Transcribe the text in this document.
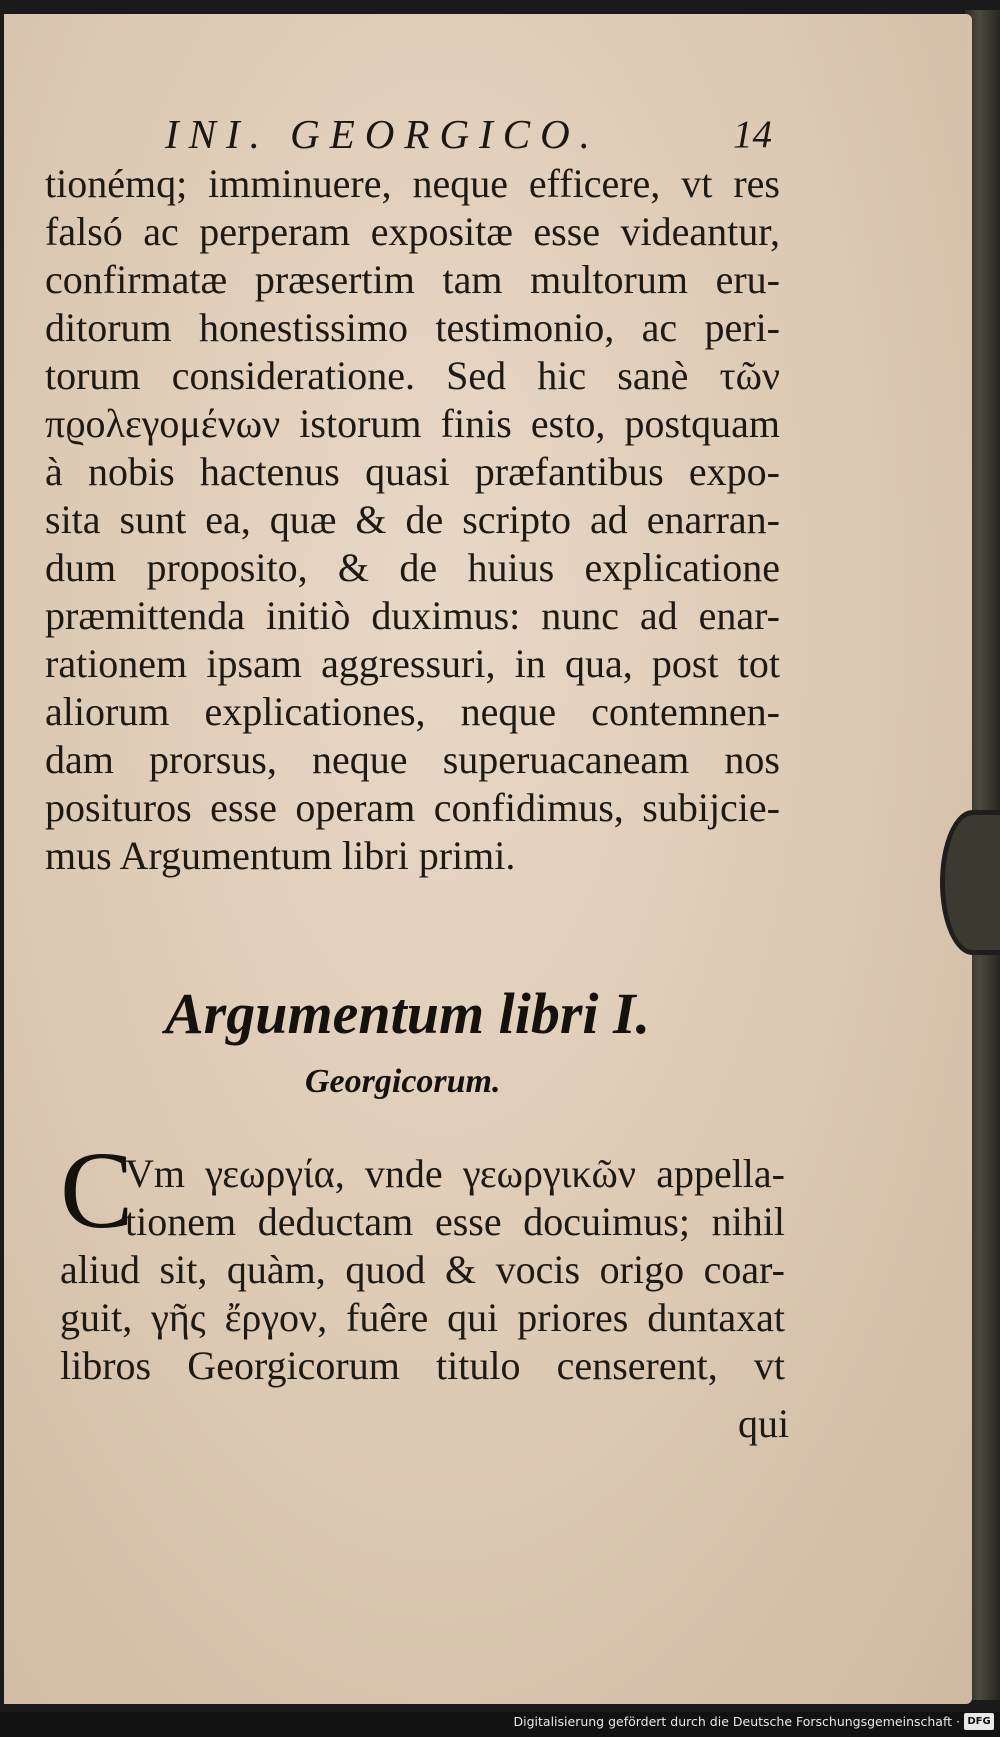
INI. GEORGICO.	14
tionémq; imminuere, neque efficere, vt res
falsó ac perperam expositæ esse videantur,
confirmatæ præsertim tam multorum eru-
ditorum honestissimo testimonio, ac peri-
torum consideratione. Sed hic sanè τῶν
πϱολεγομένων istorum finis esto, postquam
à nobis hactenus quasi præfantibus expo-
sita sunt ea, quæ & de scripto ad enarran-
dum proposito, & de huius explicatione
præmittenda initiò duximus: nunc ad enar-
rationem ipsam aggressuri, in qua, post tot
aliorum explicationes, neque contemnen-
dam prorsus, neque superuacaneam nos
posituros esse operam confidimus, subijcie-
mus Argumentum libri primi.
Argumentum libri I.
Georgicorum.
C
Vm γεωργία, vnde γεωργικῶν appella-
tionem deductam esse docuimus; nihil
aliud sit, quàm, quod & vocis origo coar-
guit, γῆς ἔργον, fuêre qui priores duntaxat
libros Georgicorum titulo censerent, vt
qui
Digitalisierung gefördert durch die Deutsche Forschungsgemeinschaft · DFG
